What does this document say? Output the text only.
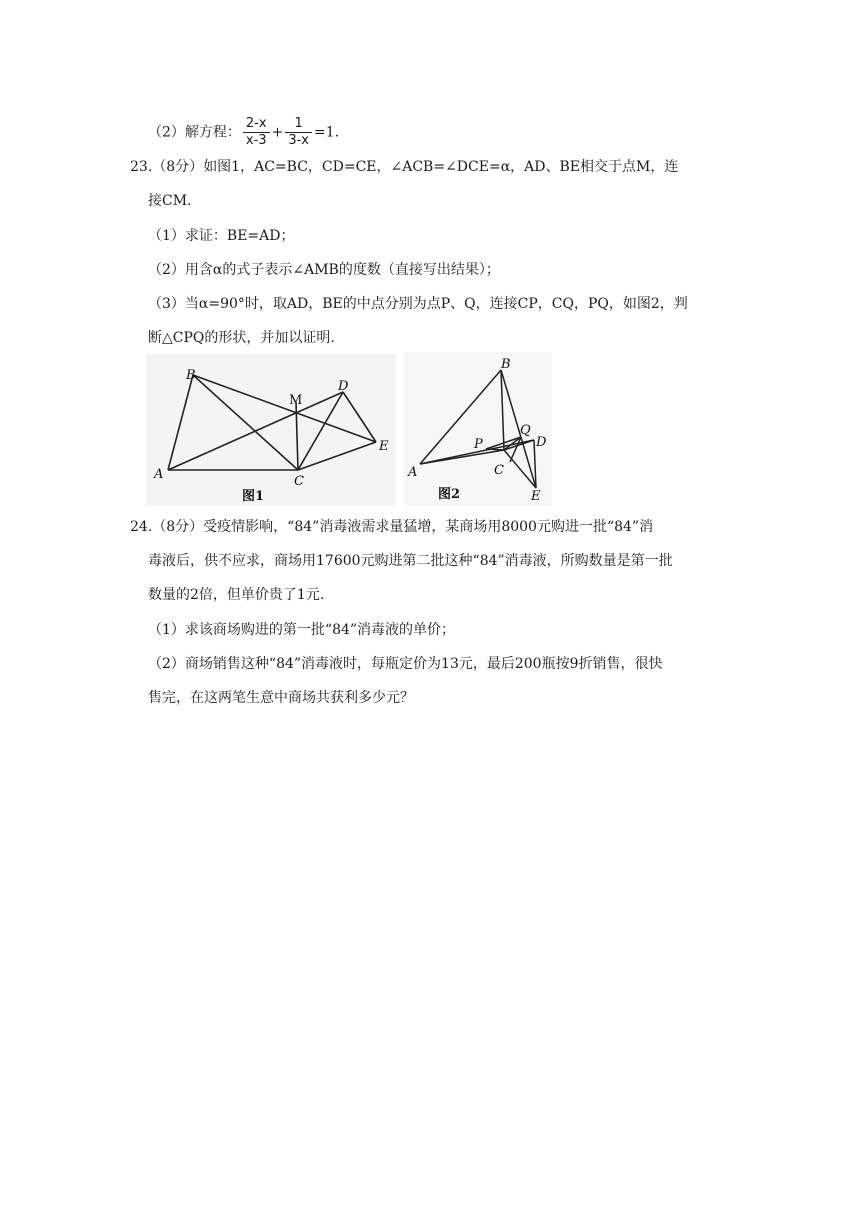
（2）解方程： $\frac{2-x}{x-3} + \frac{1}{3-x} =1$.
23.（8分）如图1，AC=BC，CD=CE，∠ACB=∠DCE=α，AD、BE相交于点M，连
接CM.
（1）求证：BE=AD；
（2）用含α的式子表示∠AMB的度数（直接写出结果）；
（3）当α=90°时，取AD，BE的中点分别为点P、Q，连接CP，CQ，PQ，如图2，判
断△CPQ的形状，并加以证明.
A
B
C
D
E
M
图1
A
B
C
D
E
P
Q
图2
24.（8分）受疫情影响，“84”消毒液需求量猛增，某商场用8000元购进一批“84”消
毒液后，供不应求，商场用17600元购进第二批这种“84”消毒液，所购数量是第一批
数量的2倍，但单价贵了1元.
（1）求该商场购进的第一批“84”消毒液的单价；
（2）商场销售这种“84”消毒液时，每瓶定价为13元，最后200瓶按9折销售，很快
售完，在这两笔生意中商场共获利多少元？
